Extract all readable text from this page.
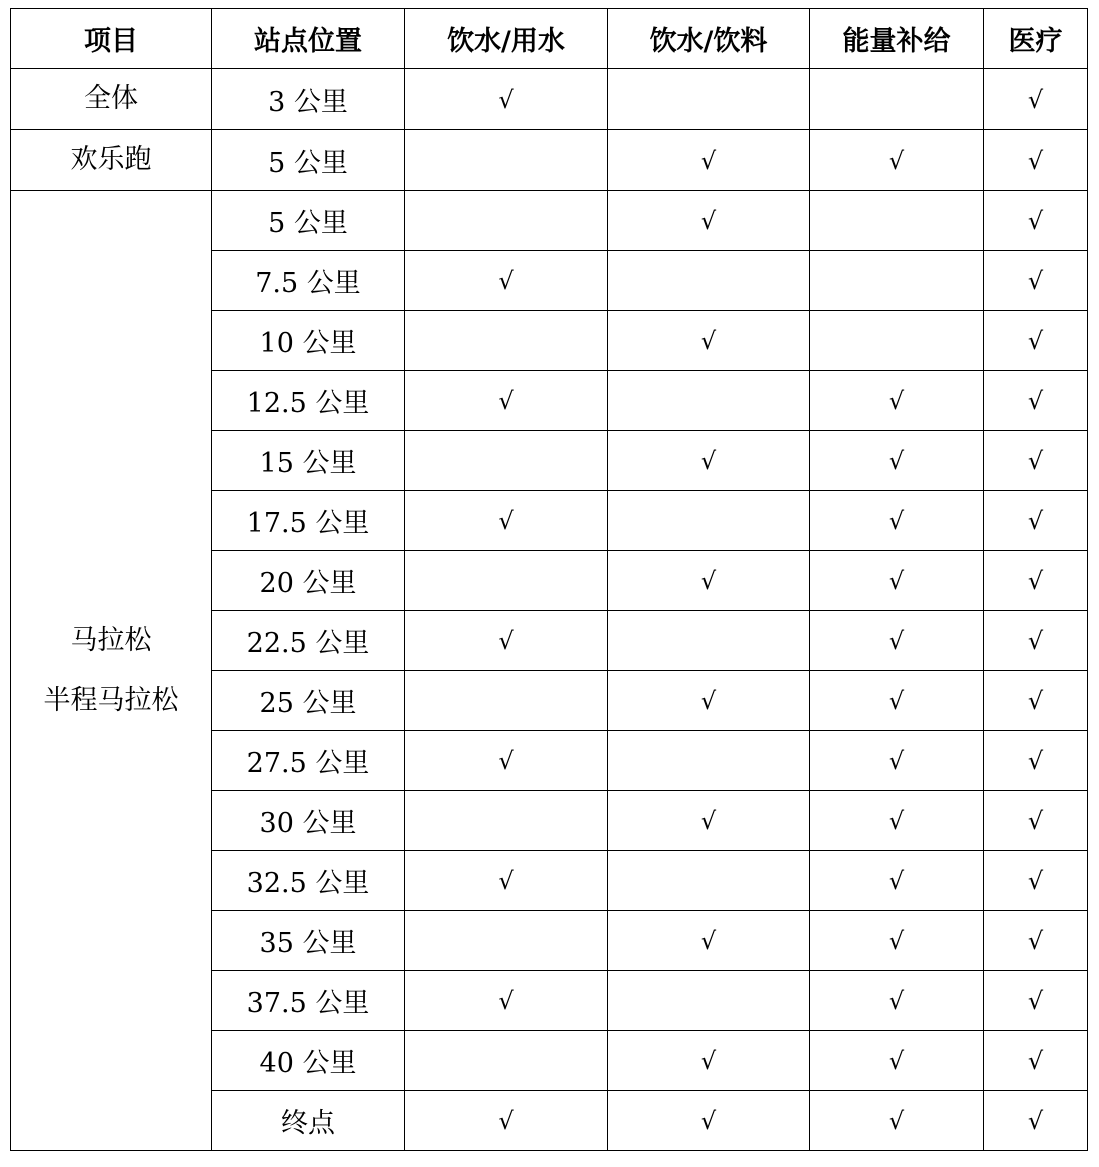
项目	站点位置	饮水/用水	饮水/饮料	能量补给	医疗

全体	3 公里	√			√

欢乐跑	5 公里		√	√	√

马拉松
半程马拉松	5 公里		√		√
	7.5 公里	√			√
	10 公里		√		√
	12.5 公里	√		√	√
	15 公里		√	√	√
	17.5 公里	√		√	√
	20 公里		√	√	√
	22.5 公里	√		√	√
	25 公里		√	√	√
	27.5 公里	√		√	√
	30 公里		√	√	√
	32.5 公里	√		√	√
	35 公里		√	√	√
	37.5 公里	√		√	√
	40 公里		√	√	√
	终点	√	√	√	√
